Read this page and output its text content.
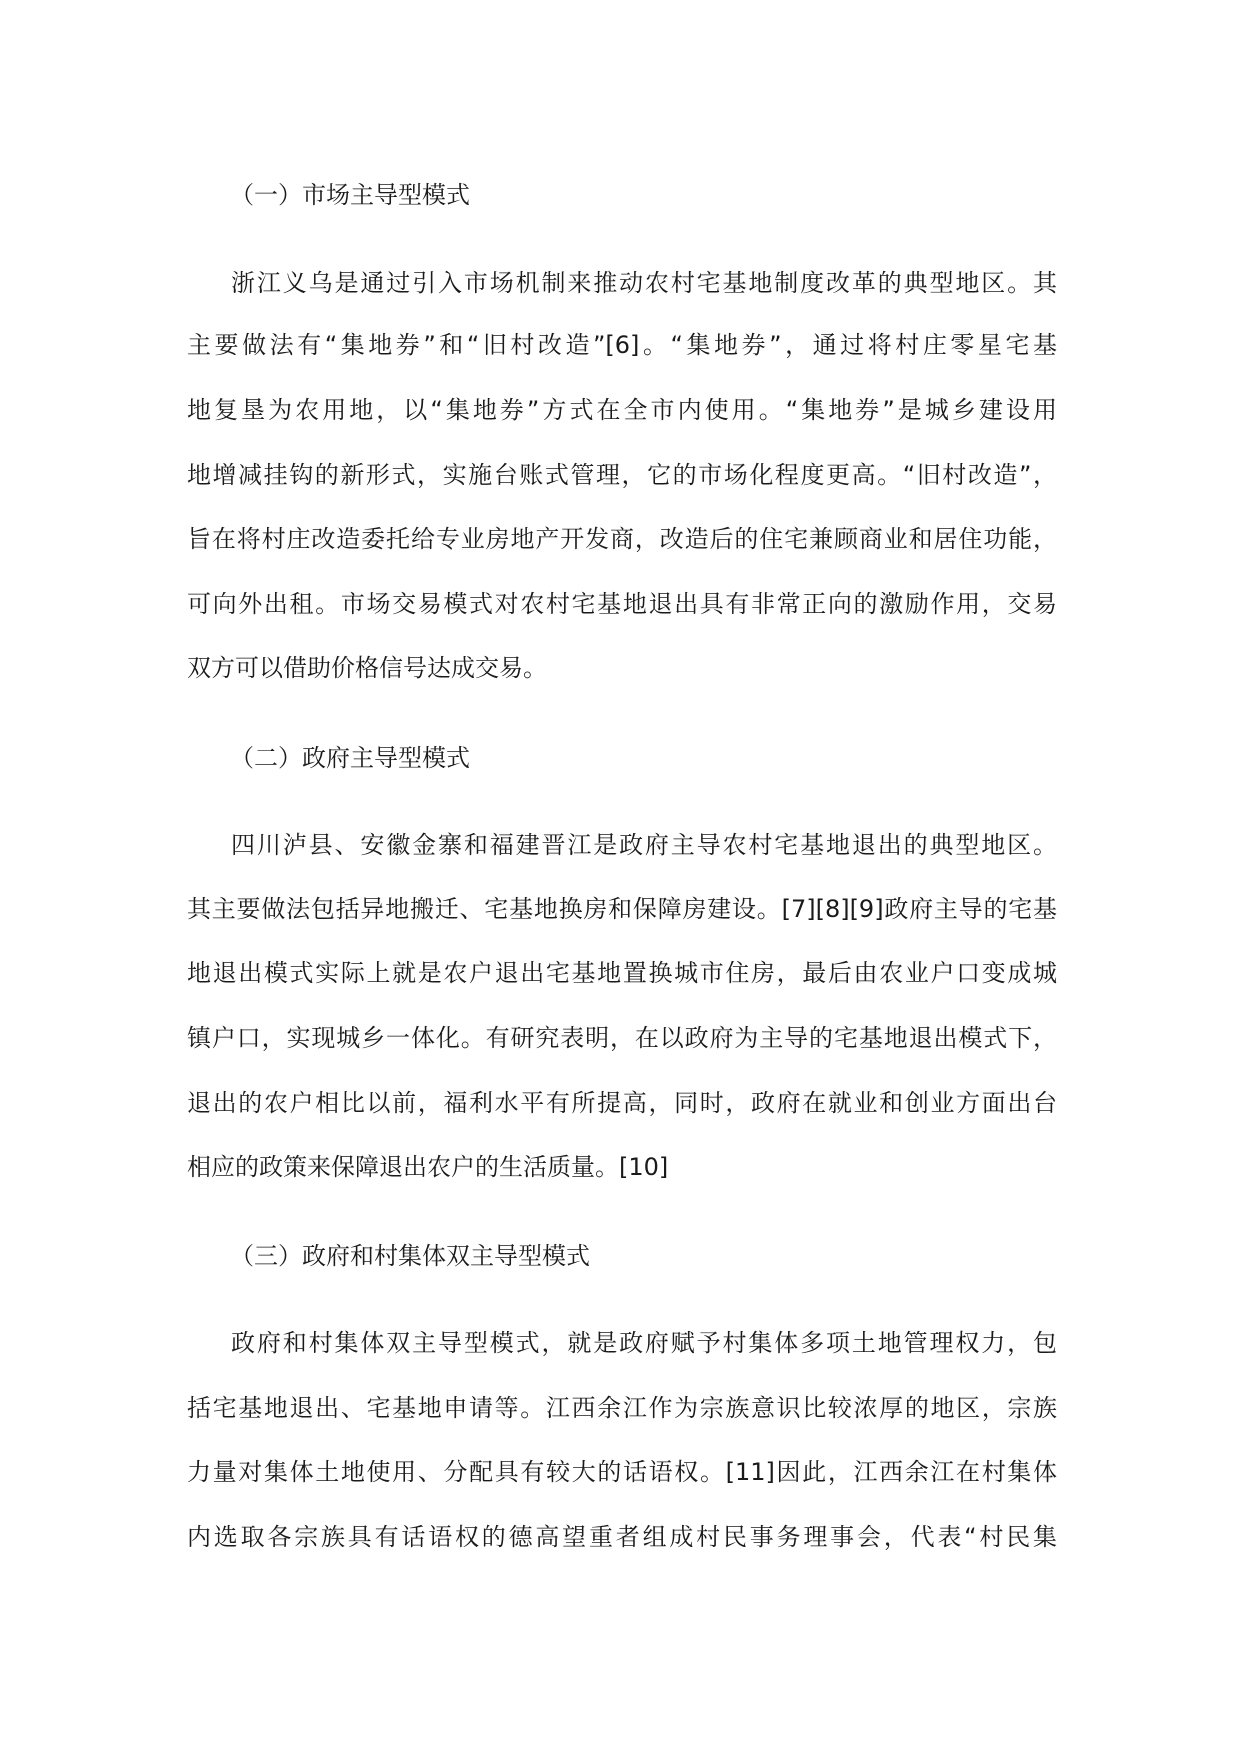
（一）市场主导型模式
浙江义乌是通过引入市场机制来推动农村宅基地制度改革的典型地区。其
主要做法有“集地券”和“旧村改造”[6]。“集地券”，通过将村庄零星宅基
地复垦为农用地，以“集地券”方式在全市内使用。“集地券”是城乡建设用
地增减挂钩的新形式，实施台账式管理，它的市场化程度更高。“旧村改造”，
旨在将村庄改造委托给专业房地产开发商，改造后的住宅兼顾商业和居住功能，
可向外出租。市场交易模式对农村宅基地退出具有非常正向的激励作用，交易
双方可以借助价格信号达成交易。
（二）政府主导型模式
四川泸县、安徽金寨和福建晋江是政府主导农村宅基地退出的典型地区。
其主要做法包括异地搬迁、宅基地换房和保障房建设。[7][8][9]政府主导的宅基
地退出模式实际上就是农户退出宅基地置换城市住房，最后由农业户口变成城
镇户口，实现城乡一体化。有研究表明，在以政府为主导的宅基地退出模式下，
退出的农户相比以前，福利水平有所提高，同时，政府在就业和创业方面出台
相应的政策来保障退出农户的生活质量。[10]
（三）政府和村集体双主导型模式
政府和村集体双主导型模式，就是政府赋予村集体多项土地管理权力，包
括宅基地退出、宅基地申请等。江西余江作为宗族意识比较浓厚的地区，宗族
力量对集体土地使用、分配具有较大的话语权。[11]因此，江西余江在村集体
内选取各宗族具有话语权的德高望重者组成村民事务理事会，代表“村民集
